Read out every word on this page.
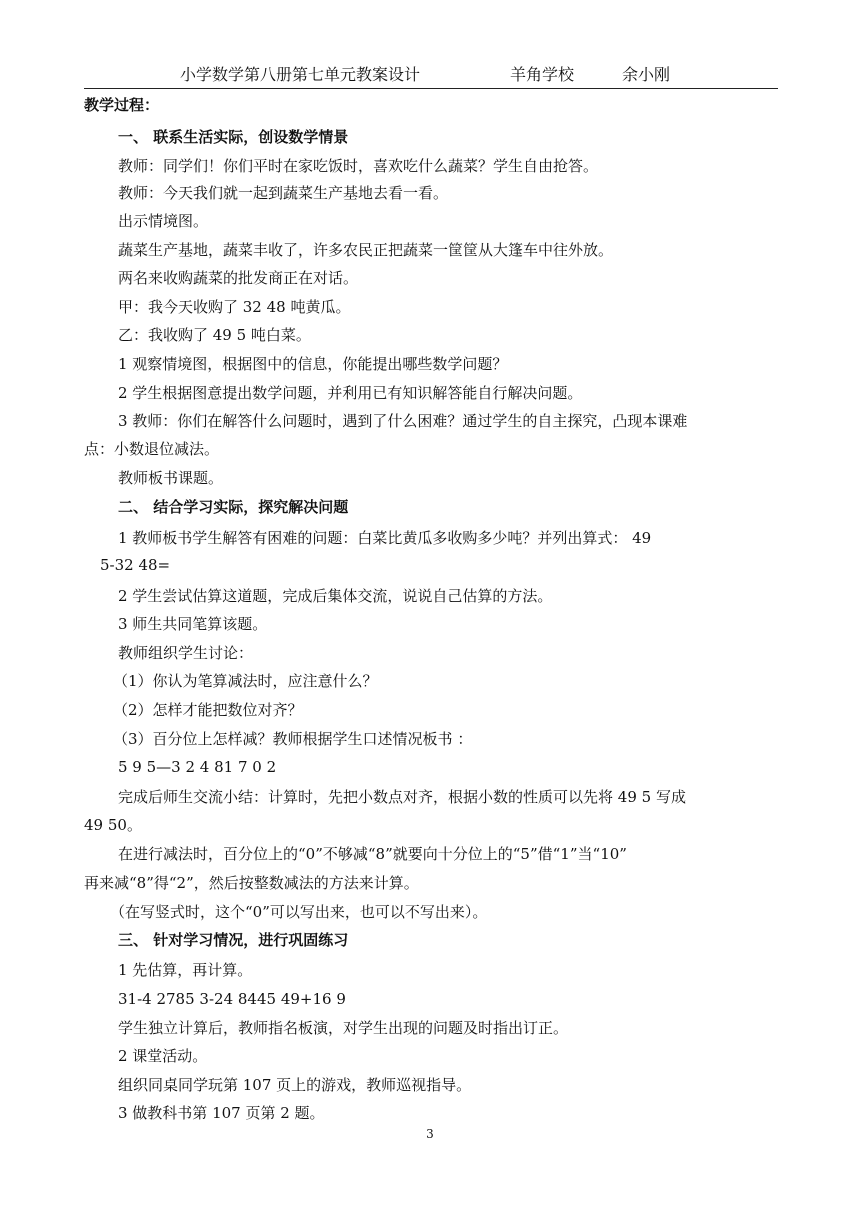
小学数学第八册第七单元教案设计	羊角学校	余小刚
教学过程：
一、 联系生活实际，创设数学情景
教师：同学们！你们平时在家吃饭时，喜欢吃什么蔬菜？学生自由抢答。
教师：今天我们就一起到蔬菜生产基地去看一看。
出示情境图。
蔬菜生产基地，蔬菜丰收了，许多农民正把蔬菜一筐筐从大篷车中往外放。
两名来收购蔬菜的批发商正在对话。
甲：我今天收购了 32 48 吨黄瓜。
乙：我收购了 49 5 吨白菜。
1 观察情境图，根据图中的信息，你能提出哪些数学问题？
2 学生根据图意提出数学问题，并利用已有知识解答能自行解决问题。
3 教师：你们在解答什么问题时，遇到了什么困难？通过学生的自主探究，凸现本课难
点：小数退位减法。
教师板书课题。
二、 结合学习实际，探究解决问题
1 教师板书学生解答有困难的问题：白菜比黄瓜多收购多少吨？并列出算式： 49
5-32 48=
2 学生尝试估算这道题，完成后集体交流，说说自己估算的方法。
3 师生共同笔算该题。
教师组织学生讨论：
（1）你认为笔算减法时，应注意什么？
（2）怎样才能把数位对齐？
（3）百分位上怎样减？教师根据学生口述情况板书 ：
5 9 5—3 2 4 81 7 0 2
完成后师生交流小结：计算时，先把小数点对齐，根据小数的性质可以先将 49 5 写成
49 50。
在进行减法时，百分位上的“0”不够减“8”就要向十分位上的“5”借“1”当“10”
再来减“8”得“2”，然后按整数减法的方法来计算。
（在写竖式时，这个“0”可以写出来，也可以不写出来）。
三、 针对学习情况，进行巩固练习
1 先估算，再计算。
31-4 2785 3-24 8445 49+16 9
学生独立计算后，教师指名板演，对学生出现的问题及时指出订正。
2 课堂活动。
组织同桌同学玩第 107 页上的游戏，教师巡视指导。
3 做教科书第 107 页第 2 题。
3
